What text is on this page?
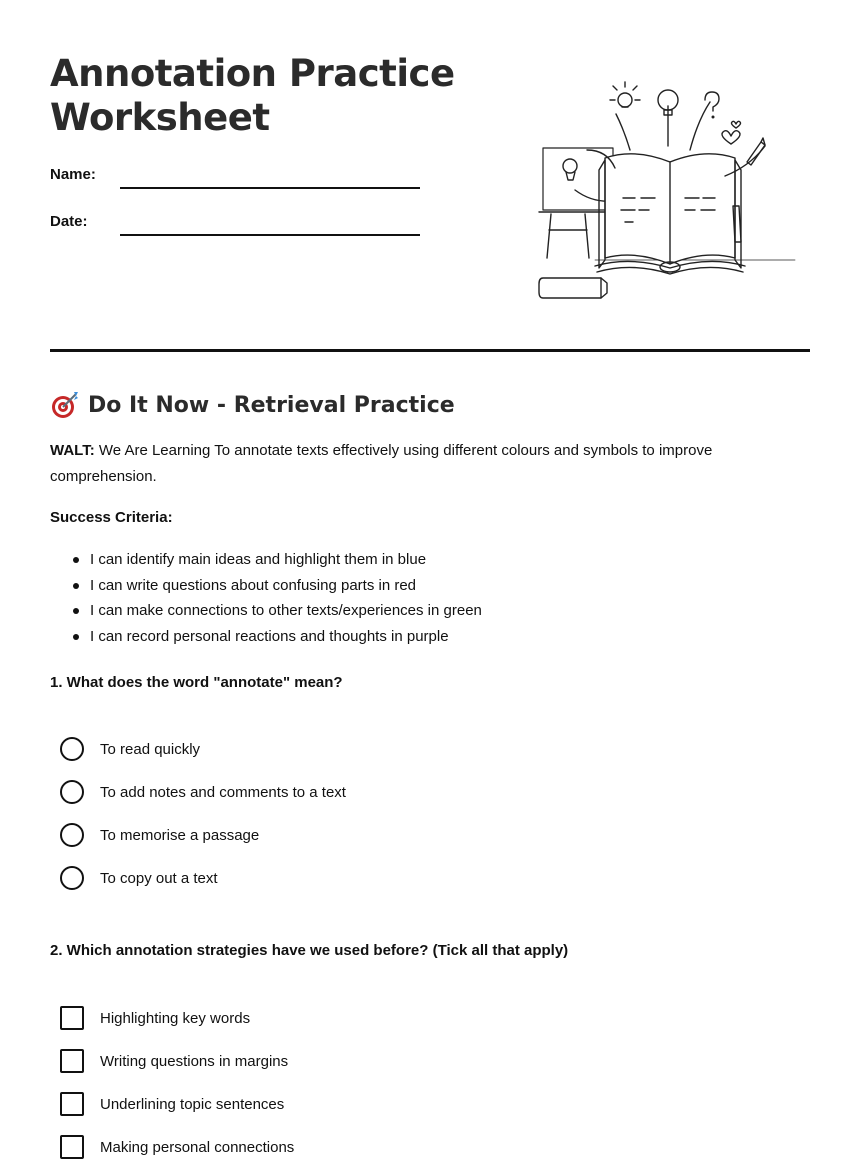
Annotation Practice
Worksheet
Name:
Date:
Do It Now - Retrieval Practice

WALT: We Are Learning To annotate texts effectively using different colours and symbols to improve comprehension.

Success Criteria:
I can identify main ideas and highlight them in blue
I can write questions about confusing parts in red
I can make connections to other texts/experiences in green
I can record personal reactions and thoughts in purple
1. What does the word "annotate" mean?
To read quickly
To add notes and comments to a text
To memorise a passage
To copy out a text
2. Which annotation strategies have we used before? (Tick all that apply)
Highlighting key words
Writing questions in margins
Underlining topic sentences
Making personal connections
